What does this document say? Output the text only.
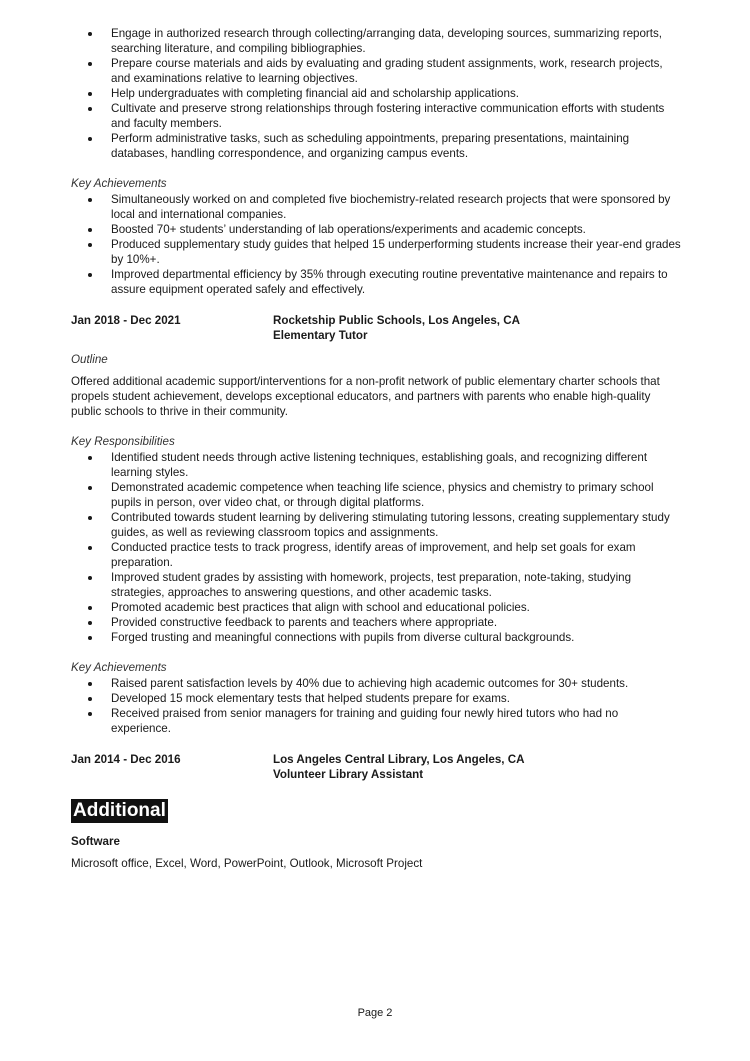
Engage in authorized research through collecting/arranging data, developing sources, summarizing reports, searching literature, and compiling bibliographies.
Prepare course materials and aids by evaluating and grading student assignments, work, research projects, and examinations relative to learning objectives.
Help undergraduates with completing financial aid and scholarship applications.
Cultivate and preserve strong relationships through fostering interactive communication efforts with students and faculty members.
Perform administrative tasks, such as scheduling appointments, preparing presentations, maintaining databases, handling correspondence, and organizing campus events.
Key Achievements
Simultaneously worked on and completed five biochemistry-related research projects that were sponsored by local and international companies.
Boosted 70+ students’ understanding of lab operations/experiments and academic concepts.
Produced supplementary study guides that helped 15 underperforming students increase their year-end grades by 10%+.
Improved departmental efficiency by 35% through executing routine preventative maintenance and repairs to assure equipment operated safely and effectively.
Jan 2018 - Dec 2021	Rocketship Public Schools, Los Angeles, CA
Elementary Tutor
Outline
Offered additional academic support/interventions for a non-profit network of public elementary charter schools that propels student achievement, develops exceptional educators, and partners with parents who enable high-quality public schools to thrive in their community.
Key Responsibilities
Identified student needs through active listening techniques, establishing goals, and recognizing different learning styles.
Demonstrated academic competence when teaching life science, physics and chemistry to primary school pupils in person, over video chat, or through digital platforms.
Contributed towards student learning by delivering stimulating tutoring lessons, creating supplementary study guides, as well as reviewing classroom topics and assignments.
Conducted practice tests to track progress, identify areas of improvement, and help set goals for exam preparation.
Improved student grades by assisting with homework, projects, test preparation, note-taking, studying strategies, approaches to answering questions, and other academic tasks.
Promoted academic best practices that align with school and educational policies.
Provided constructive feedback to parents and teachers where appropriate.
Forged trusting and meaningful connections with pupils from diverse cultural backgrounds.
Key Achievements
Raised parent satisfaction levels by 40% due to achieving high academic outcomes for 30+ students.
Developed 15 mock elementary tests that helped students prepare for exams.
Received praised from senior managers for training and guiding four newly hired tutors who had no experience.
Jan 2014 - Dec 2016	Los Angeles Central Library, Los Angeles, CA
Volunteer Library Assistant
Additional
Software
Microsoft office, Excel, Word, PowerPoint, Outlook, Microsoft Project
Page 2
